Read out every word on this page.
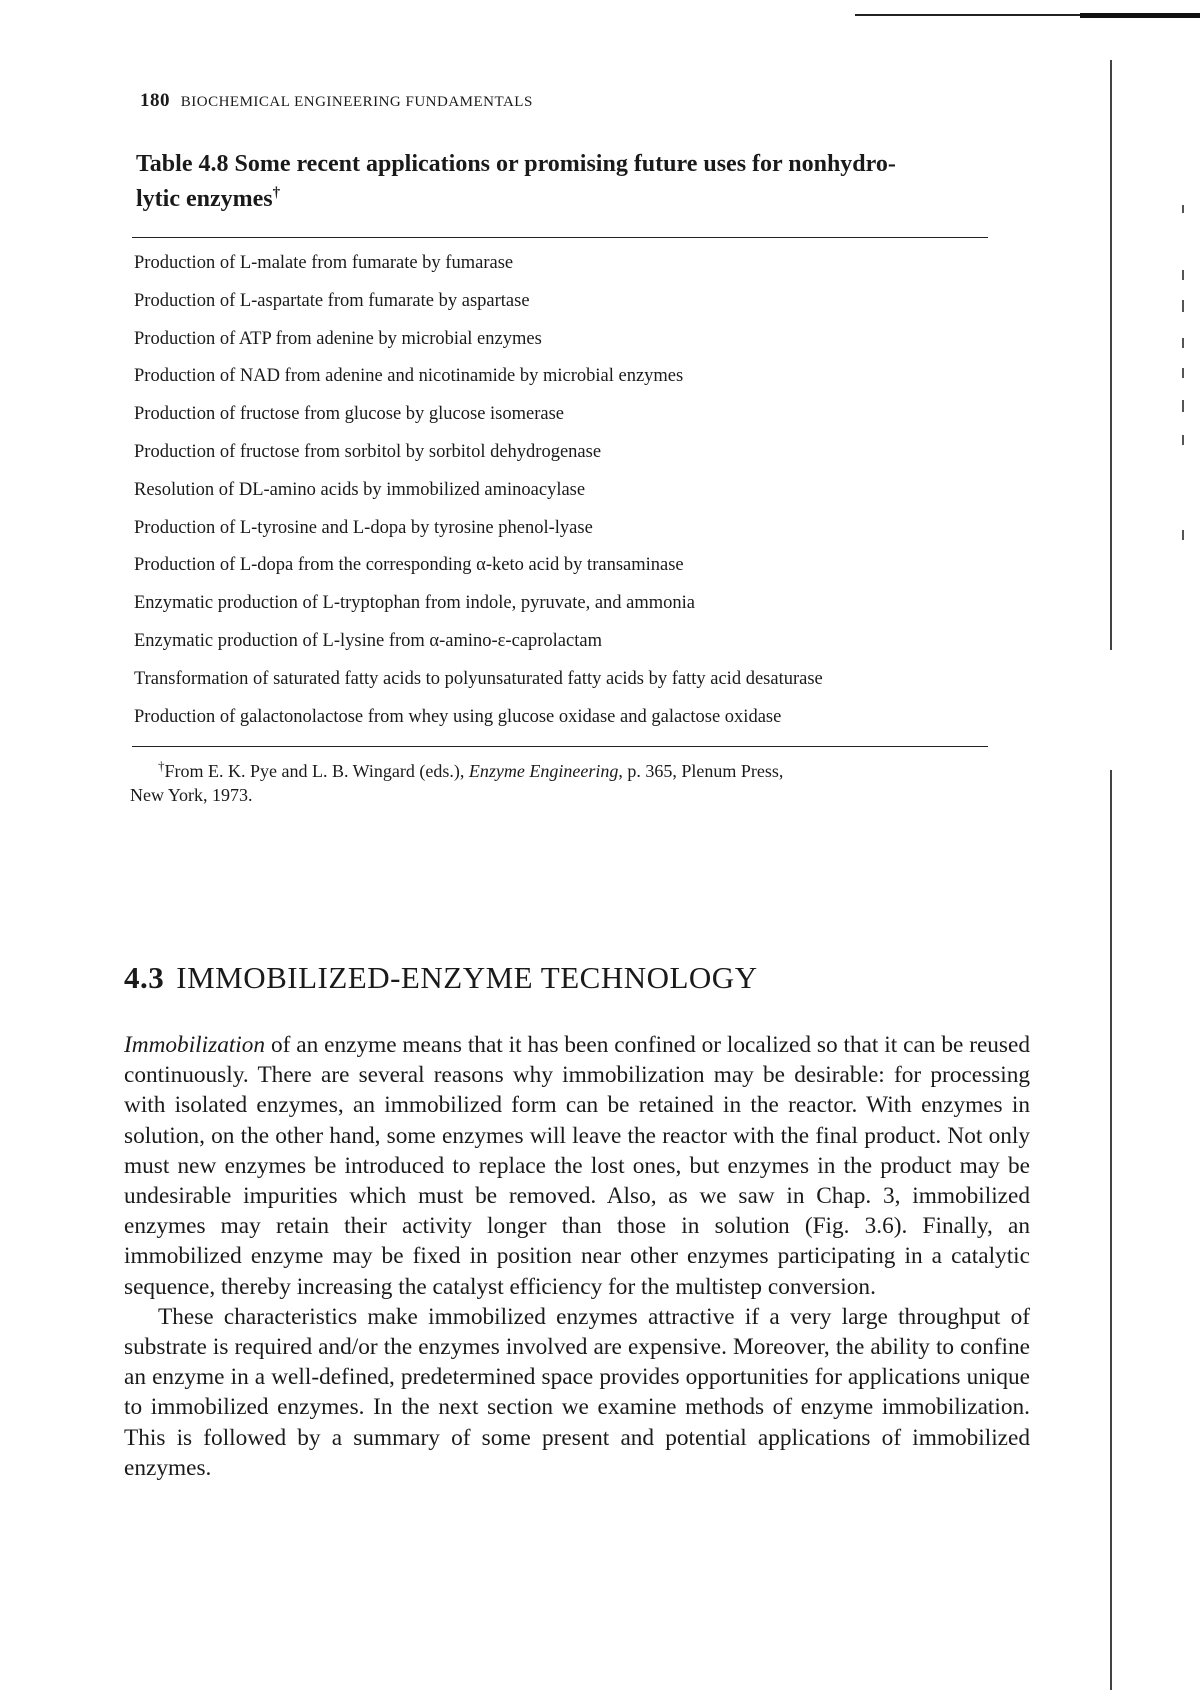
180 BIOCHEMICAL ENGINEERING FUNDAMENTALS
Table 4.8 Some recent applications or promising future uses for nonhydro-
lytic enzymes†
Production of L-malate from fumarate by fumarase
Production of L-aspartate from fumarate by aspartase
Production of ATP from adenine by microbial enzymes
Production of NAD from adenine and nicotinamide by microbial enzymes
Production of fructose from glucose by glucose isomerase
Production of fructose from sorbitol by sorbitol dehydrogenase
Resolution of DL-amino acids by immobilized aminoacylase
Production of L-tyrosine and L-dopa by tyrosine phenol-lyase
Production of L-dopa from the corresponding α-keto acid by transaminase
Enzymatic production of L-tryptophan from indole, pyruvate, and ammonia
Enzymatic production of L-lysine from α-amino-ε-caprolactam
Transformation of saturated fatty acids to polyunsaturated fatty acids by fatty acid desaturase
Production of galactonolactose from whey using glucose oxidase and galactose oxidase
†From E. K. Pye and L. B. Wingard (eds.), Enzyme Engineering, p. 365, Plenum Press,
New York, 1973.
4.3 IMMOBILIZED-ENZYME TECHNOLOGY

Immobilization of an enzyme means that it has been confined or localized so that it can be reused continuously. There are several reasons why immobilization may be desirable: for processing with isolated enzymes, an immobilized form can be retained in the reactor. With enzymes in solution, on the other hand, some enzymes will leave the reactor with the final product. Not only must new enzymes be introduced to replace the lost ones, but enzymes in the product may be undesirable impurities which must be removed. Also, as we saw in Chap. 3, immobilized enzymes may retain their activity longer than those in solution (Fig. 3.6). Finally, an immobilized enzyme may be fixed in position near other enzymes participating in a catalytic sequence, thereby increasing the catalyst efficiency for the multistep conversion.

These characteristics make immobilized enzymes attractive if a very large throughput of substrate is required and/or the enzymes involved are expensive. Moreover, the ability to confine an enzyme in a well-defined, predetermined space provides opportunities for applications unique to immobilized enzymes. In the next section we examine methods of enzyme immobilization. This is followed by a summary of some present and potential applications of immobilized enzymes.
